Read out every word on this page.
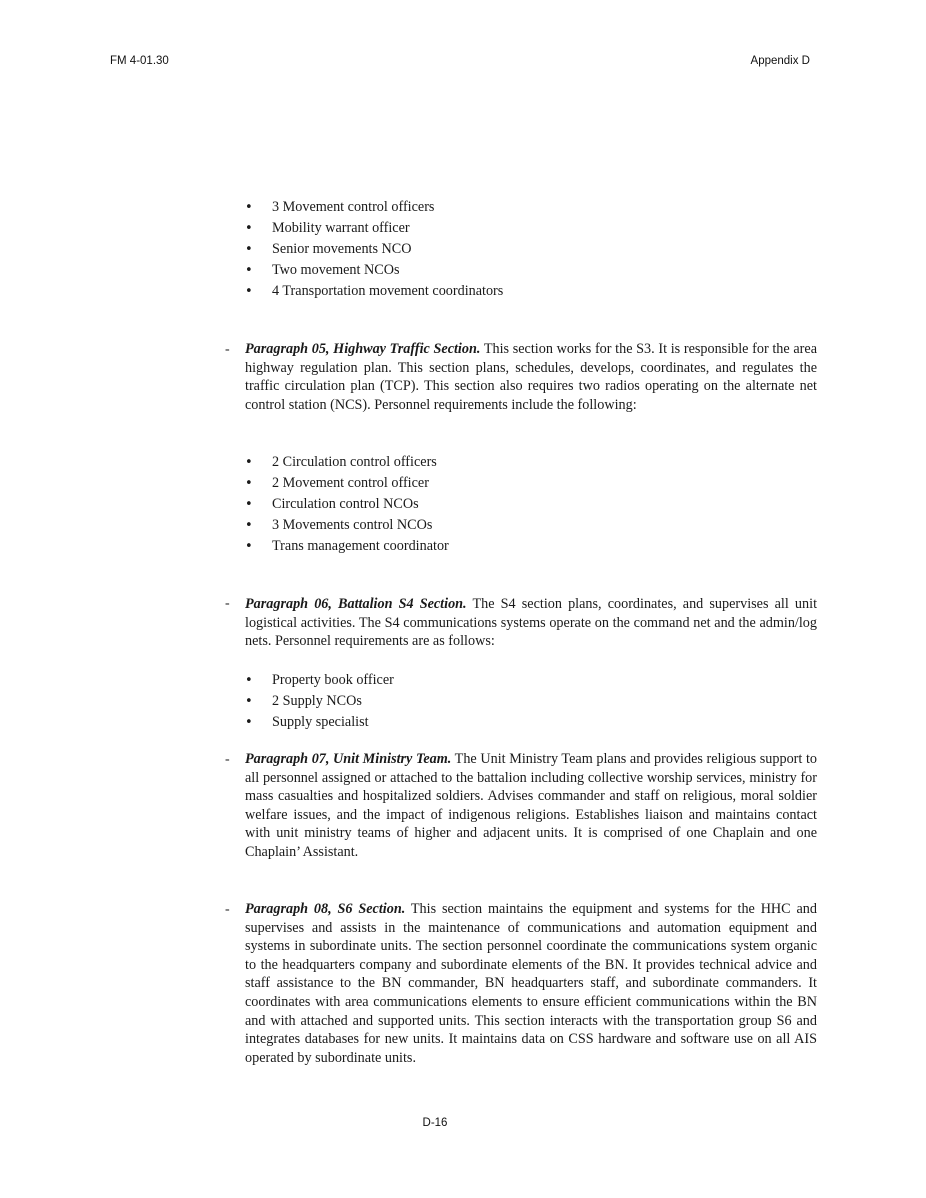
FM 4-01.30	Appendix D
• 3 Movement control officers
• Mobility warrant officer
• Senior movements NCO
• Two movement NCOs
• 4 Transportation movement coordinators
- Paragraph 05, Highway Traffic Section. This section works for the S3. It is responsible for the area highway regulation plan. This section plans, schedules, develops, coordinates, and regulates the traffic circulation plan (TCP). This section also requires two radios operating on the alternate net control station (NCS). Personnel requirements include the following:

• 2 Circulation control officers
• 2 Movement control officer
• Circulation control NCOs
• 3 Movements control NCOs
• Trans management coordinator
- Paragraph 06, Battalion S4 Section. The S4 section plans, coordinates, and supervises all unit logistical activities. The S4 communications systems operate on the command net and the admin/log nets. Personnel requirements are as follows:

• Property book officer
• 2 Supply NCOs
• Supply specialist
- Paragraph 07, Unit Ministry Team. The Unit Ministry Team plans and provides religious support to all personnel assigned or attached to the battalion including collective worship services, ministry for mass casualties and hospitalized soldiers. Advises commander and staff on religious, moral soldier welfare issues, and the impact of indigenous religions. Establishes liaison and maintains contact with unit ministry teams of higher and adjacent units. It is comprised of one Chaplain and one Chaplain’ Assistant.

- Paragraph 08, S6 Section. This section maintains the equipment and systems for the HHC and supervises and assists in the maintenance of communications and automation equipment and systems in subordinate units. The section personnel coordinate the communications system organic to the headquarters company and subordinate elements of the BN. It provides technical advice and staff assistance to the BN commander, BN headquarters staff, and subordinate commanders. It coordinates with area communications elements to ensure efficient communications within the BN and with attached and supported units. This section interacts with the transportation group S6 and integrates databases for new units. It maintains data on CSS hardware and software use on all AIS operated by subordinate units.

D-16
